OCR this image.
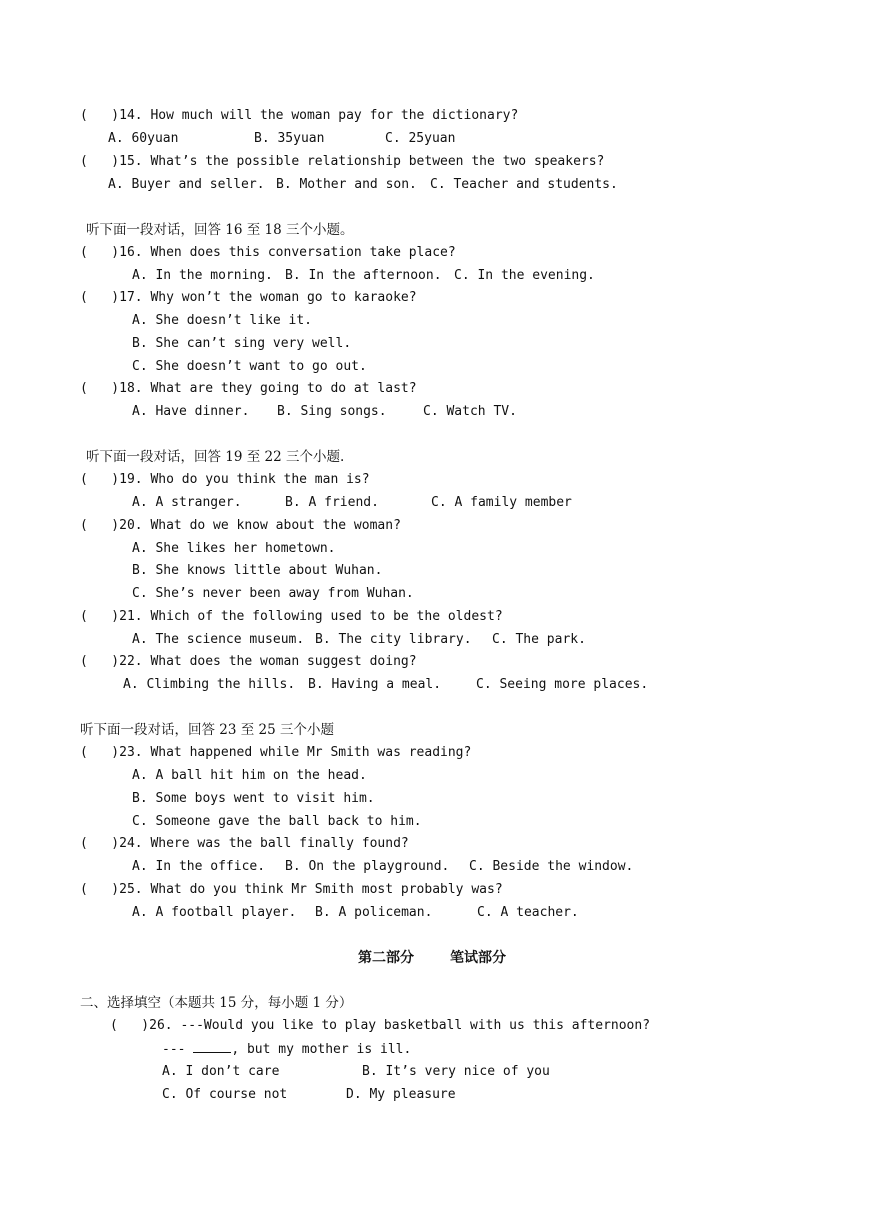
(   )14. How much will the woman pay for the dictionary?
A. 60yuan	B. 35yuan	C. 25yuan
(   )15. What’s the possible relationship between the two speakers?
A. Buyer and seller. B. Mother and son. C. Teacher and students.
听下面一段对话，回答 16 至 18 三个小题。
(   )16. When does this conversation take place?
A. In the morning. B. In the afternoon. C. In the evening.
(   )17. Why won’t the woman go to karaoke?
A. She doesn’t like it.
B. She can’t sing very well.
C. She doesn’t want to go out.
(   )18. What are they going to do at last?
A. Have dinner. B. Sing songs.	C. Watch TV.
听下面一段对话，回答 19 至 22 三个小题.
(   )19. Who do you think the man is?
A. A stranger.	B. A friend.	C. A family member
(   )20. What do we know about the woman?
A. She likes her hometown.
B. She knows little about Wuhan.
C. She’s never been away from Wuhan.
(   )21. Which of the following used to be the oldest?
A. The science museum. B. The city library. C. The park.
(   )22. What does the woman suggest doing?
A. Climbing the hills. B. Having a meal.	C. Seeing more places.
听下面一段对话，回答 23 至 25 三个小题
(   )23. What happened while Mr Smith was reading?
A. A ball hit him on the head.
B. Some boys went to visit him.
C. Someone gave the ball back to him.
(   )24. Where was the ball finally found?
A. In the office. B. On the playground. C. Beside the window.
(   )25. What do you think Mr Smith most probably was?
A. A football player. B. A policeman.	C. A teacher.
第二部分	笔试部分
二、选择填空（本题共 15 分，每小题 1 分）
(   )26. ---Would you like to play basketball with us this afternoon?
---	, but my mother is ill.
A. I don’t care	B. It’s very nice of you
C. Of course not	D. My pleasure
